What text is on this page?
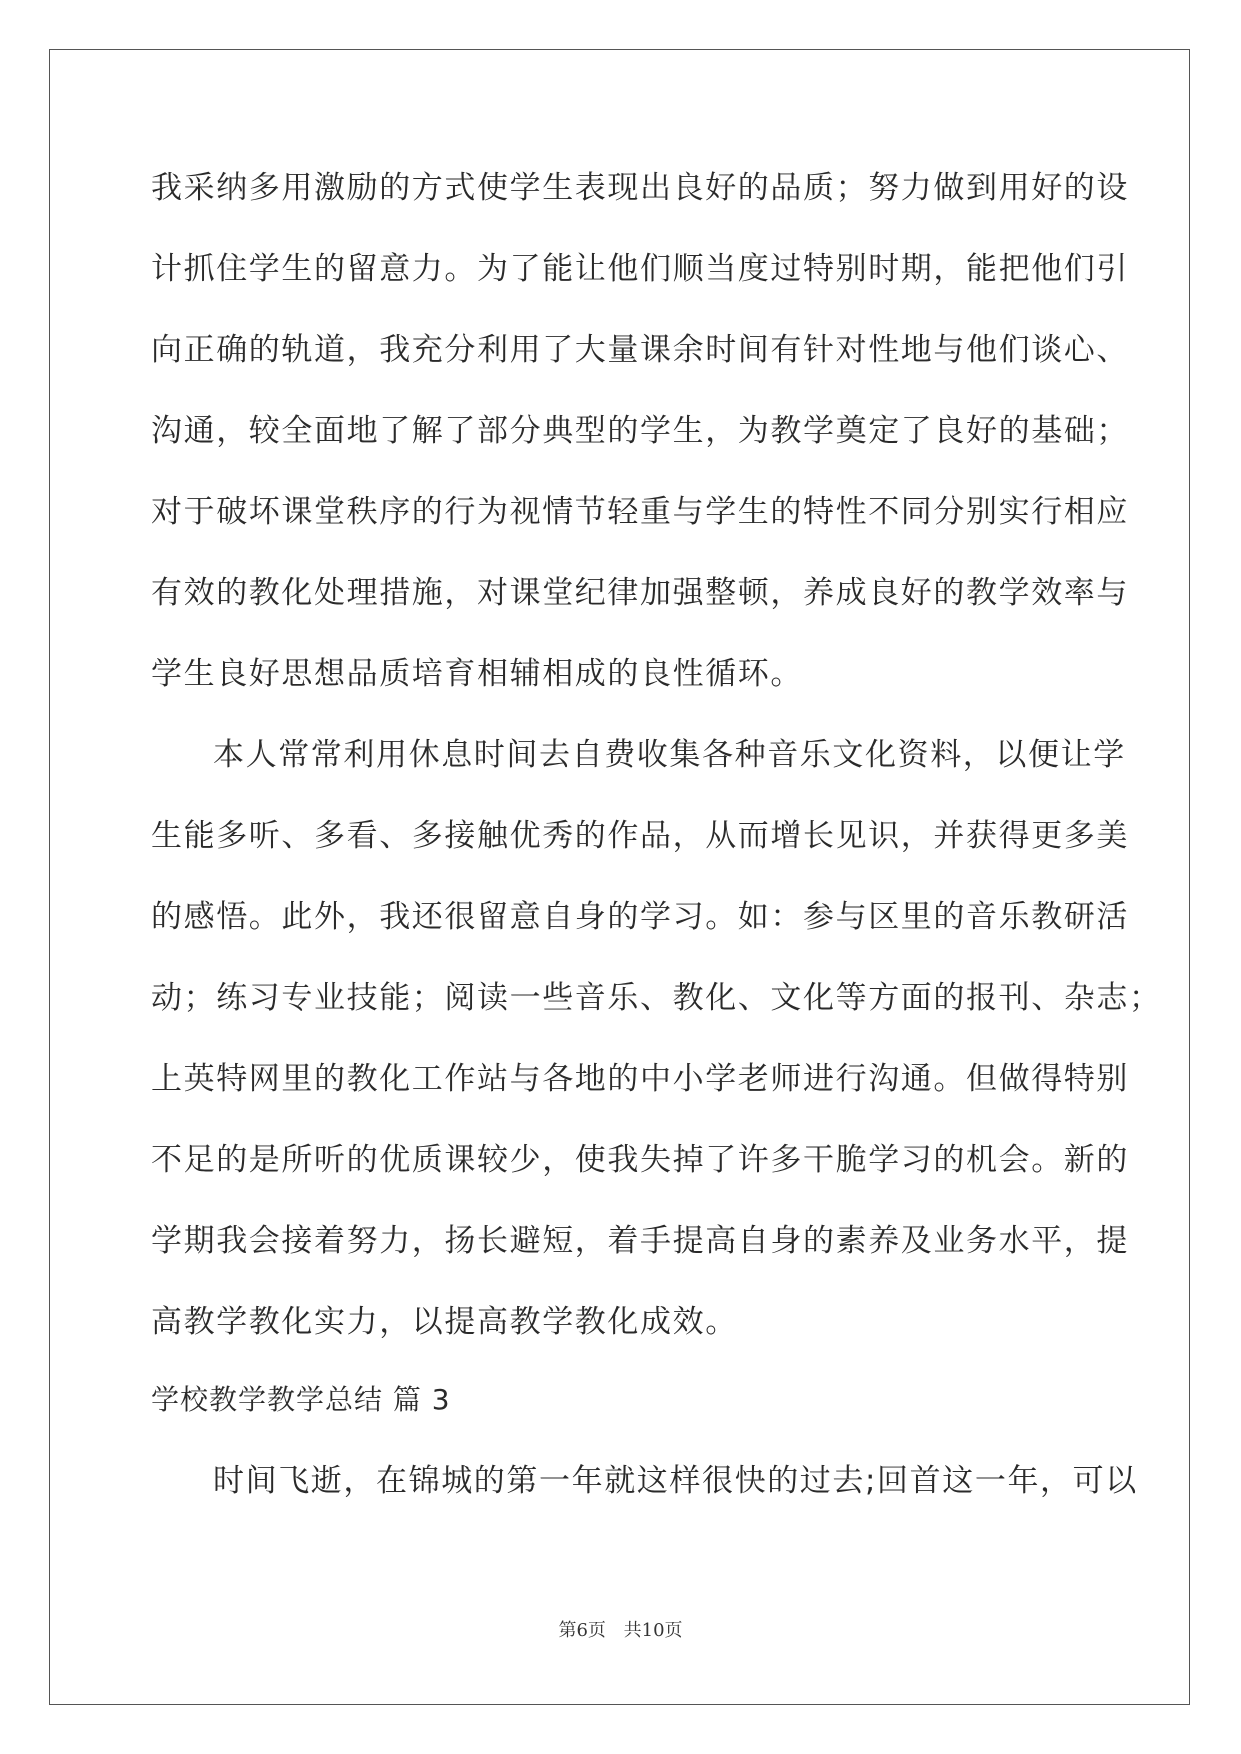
我采纳多用激励的方式使学生表现出良好的品质；努力做到用好的设
计抓住学生的留意力。为了能让他们顺当度过特别时期，能把他们引
向正确的轨道，我充分利用了大量课余时间有针对性地与他们谈心、
沟通，较全面地了解了部分典型的学生，为教学奠定了良好的基础；
对于破坏课堂秩序的行为视情节轻重与学生的特性不同分别实行相应
有效的教化处理措施，对课堂纪律加强整顿，养成良好的教学效率与
学生良好思想品质培育相辅相成的良性循环。
本人常常利用休息时间去自费收集各种音乐文化资料，以便让学
生能多听、多看、多接触优秀的作品，从而增长见识，并获得更多美
的感悟。此外，我还很留意自身的学习。如：参与区里的音乐教研活
动；练习专业技能；阅读一些音乐、教化、文化等方面的报刊、杂志；
上英特网里的教化工作站与各地的中小学老师进行沟通。但做得特别
不足的是所听的优质课较少，使我失掉了许多干脆学习的机会。新的
学期我会接着努力，扬长避短，着手提高自身的素养及业务水平，提
高教学教化实力，以提高教学教化成效。
学校教学教学总结 篇 3
时间飞逝，在锦城的第一年就这样很快的过去;回首这一年，可以
第6页 共10页
